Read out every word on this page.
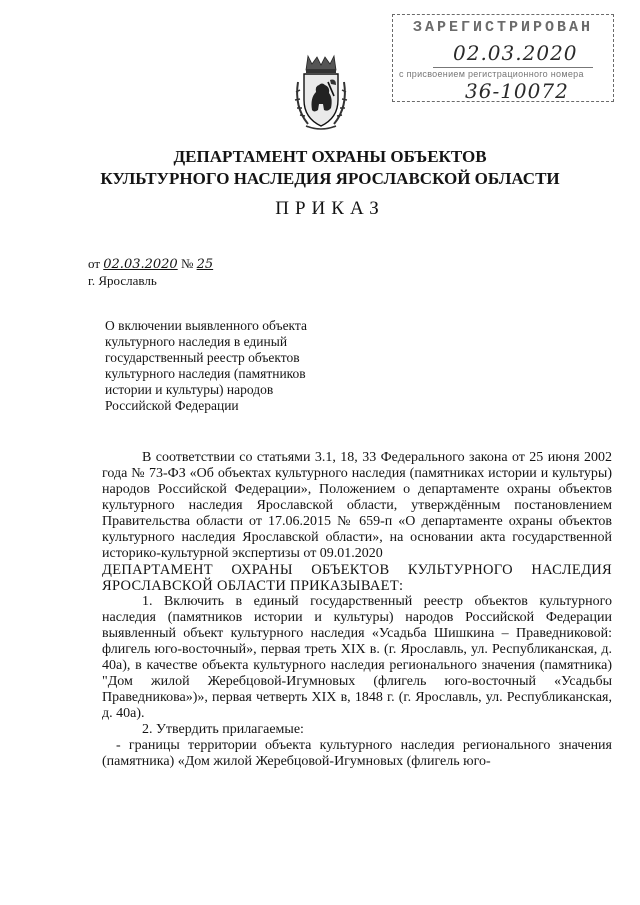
ЗАРЕГИСТРИРОВАН
02.03.2020
с присвоением регистрационного номера
36-10072
ДЕПАРТАМЕНТ ОХРАНЫ ОБЪЕКТОВ
КУЛЬТУРНОГО НАСЛЕДИЯ ЯРОСЛАВСКОЙ ОБЛАСТИ
ПРИКАЗ
от 02.03.2020 № 25
г. Ярославль
О включении выявленного объекта
культурного наследия в единый
государственный реестр объектов
культурного наследия (памятников
истории и культуры) народов
Российской Федерации

В соответствии со статьями 3.1, 18, 33 Федерального закона от 25 июня 2002 года № 73-ФЗ «Об объектах культурного наследия (памятниках истории и культуры) народов Российской Федерации», Положением о департаменте охраны объектов культурного наследия Ярославской области, утверждённым постановлением Правительства области от 17.06.2015 № 659-п «О департаменте охраны объектов культурного наследия Ярославской области», на основании акта государственной историко-культурной экспертизы от 09.01.2020

ДЕПАРТАМЕНТ ОХРАНЫ ОБЪЕКТОВ КУЛЬТУРНОГО НАСЛЕДИЯ ЯРОСЛАВСКОЙ ОБЛАСТИ ПРИКАЗЫВАЕТ:

1. Включить в единый государственный реестр объектов культурного наследия (памятников истории и культуры) народов Российской Федерации выявленный объект культурного наследия «Усадьба Шишкина – Праведниковой: флигель юго-восточный», первая треть XIX в. (г. Ярославль, ул. Республиканская, д. 40а), в качестве объекта культурного наследия регионального значения (памятника) "Дом жилой Жеребцовой-Игумновых (флигель юго-восточный «Усадьбы Праведникова»)», первая четверть XIX в, 1848 г. (г. Ярославль, ул. Республиканская, д. 40а).

2. Утвердить прилагаемые:

- границы территории объекта культурного наследия регионального значения (памятника) «Дом жилой Жеребцовой-Игумновых (флигель юго-
